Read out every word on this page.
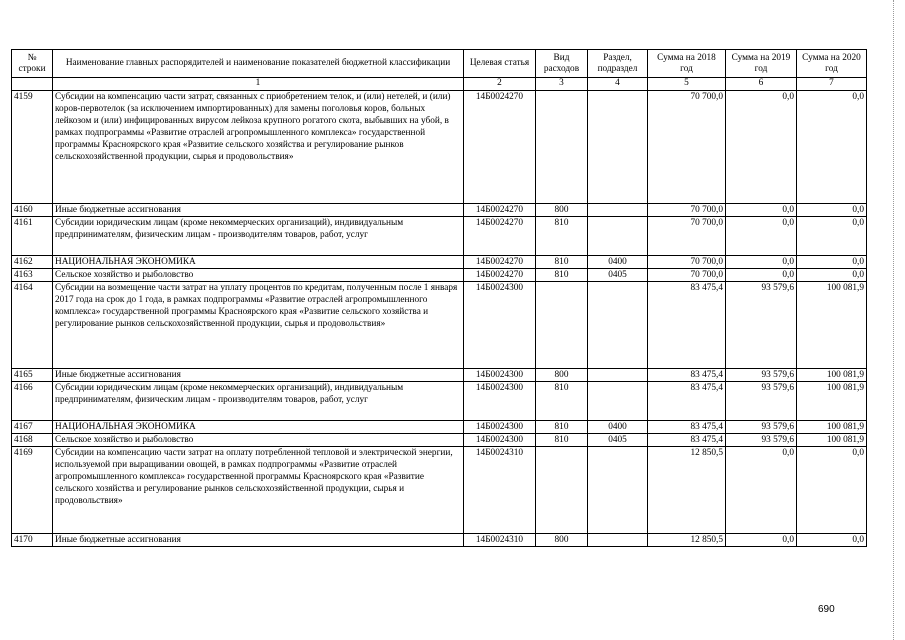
№
строки	Наименование главных распорядителей и наименование показателей бюджетной классификации	Целевая статья	Вид расходов	Раздел, подраздел	Сумма на 2018 год	Сумма на 2019 год	Сумма на 2020 год
	1	2	3	4	5	6	7
4159	Субсидии на компенсацию части затрат, связанных с приобретением телок, и (или) нетелей, и (или) коров-первотелок (за исключением импортированных) для замены поголовья коров, больных лейкозом и (или) инфицированных вирусом лейкоза крупного рогатого скота, выбывших на убой, в рамках подпрограммы «Развитие отраслей агропромышленного комплекса» государственной программы Красноярского края «Развитие сельского хозяйства и регулирование рынков сельскохозяйственной продукции, сырья и продовольствия»	14Б0024270			70 700,0	0,0	0,0
4160	Иные бюджетные ассигнования	14Б0024270	800		70 700,0	0,0	0,0
4161	Субсидии юридическим лицам (кроме некоммерческих организаций), индивидуальным предпринимателям, физическим лицам - производителям товаров, работ, услуг	14Б0024270	810		70 700,0	0,0	0,0
4162	НАЦИОНАЛЬНАЯ ЭКОНОМИКА	14Б0024270	810	0400	70 700,0	0,0	0,0
4163	Сельское хозяйство и рыболовство	14Б0024270	810	0405	70 700,0	0,0	0,0
4164	Субсидии на возмещение части затрат на уплату процентов по кредитам, полученным после 1 января 2017 года на срок до 1 года, в рамках подпрограммы «Развитие отраслей агропромышленного комплекса» государственной программы Красноярского края «Развитие сельского хозяйства и регулирование рынков сельскохозяйственной продукции, сырья и продовольствия»	14Б0024300			83 475,4	93 579,6	100 081,9
4165	Иные бюджетные ассигнования	14Б0024300	800		83 475,4	93 579,6	100 081,9
4166	Субсидии юридическим лицам (кроме некоммерческих организаций), индивидуальным предпринимателям, физическим лицам - производителям товаров, работ, услуг	14Б0024300	810		83 475,4	93 579,6	100 081,9
4167	НАЦИОНАЛЬНАЯ ЭКОНОМИКА	14Б0024300	810	0400	83 475,4	93 579,6	100 081,9
4168	Сельское хозяйство и рыболовство	14Б0024300	810	0405	83 475,4	93 579,6	100 081,9
4169	Субсидии на компенсацию части затрат на оплату потребленной тепловой и электрической энергии, используемой при выращивании овощей, в рамках подпрограммы «Развитие отраслей агропромышленного комплекса» государственной программы Красноярского края «Развитие сельского хозяйства и регулирование рынков сельскохозяйственной продукции, сырья и продовольствия»	14Б0024310			12 850,5	0,0	0,0
4170	Иные бюджетные ассигнования	14Б0024310	800		12 850,5	0,0	0,0
690
